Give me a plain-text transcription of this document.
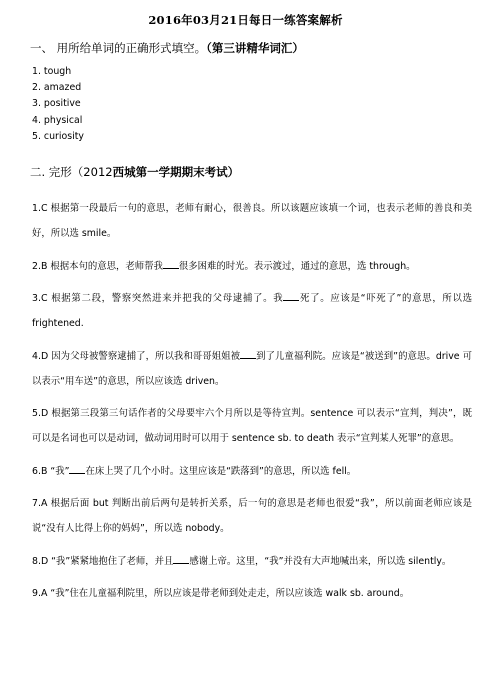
2016年03月21日每日一练答案解析
一、 用所给单词的正确形式填空。（第三讲精华词汇）
1. tough
2. amazed
3. positive
4. physical
5. curiosity
二. 完形（2012西城第一学期期末考试）
1.C 根据第一段最后一句的意思，老师有耐心，很善良。所以该题应该填一个词，也表示老师的善良和美好，所以选 smile。
2.B 根据本句的意思，老师帮我 很多困难的时光。表示渡过，通过的意思，选 through。
3.C 根据第二段，警察突然进来并把我的父母逮捕了。我 死了。应该是“吓死了”的意思，所以选 frightened.
4.D 因为父母被警察逮捕了，所以我和哥哥姐姐被 到了儿童福利院。应该是“被送到”的意思。drive 可以表示“用车送”的意思，所以应该选 driven。
5.D 根据第三段第三句话作者的父母要牢六个月所以是等待宣判。sentence 可以表示“宣判，判决”，既可以是名词也可以是动词，做动词用时可以用于 sentence sb. to death 表示“宣判某人死罪”的意思。
6.B “我” 在床上哭了几个小时。这里应该是“跌落到”的意思，所以选 fell。
7.A 根据后面 but 判断出前后两句是转折关系，后一句的意思是老师也很爱“我”，所以前面老师应该是说“没有人比得上你的妈妈”，所以选 nobody。
8.D “我”紧紧地抱住了老师，并且 感谢上帝。这里，“我”并没有大声地喊出来，所以选 silently。
9.A “我”住在儿童福利院里，所以应该是带老师到处走走，所以应该选 walk sb. around。
